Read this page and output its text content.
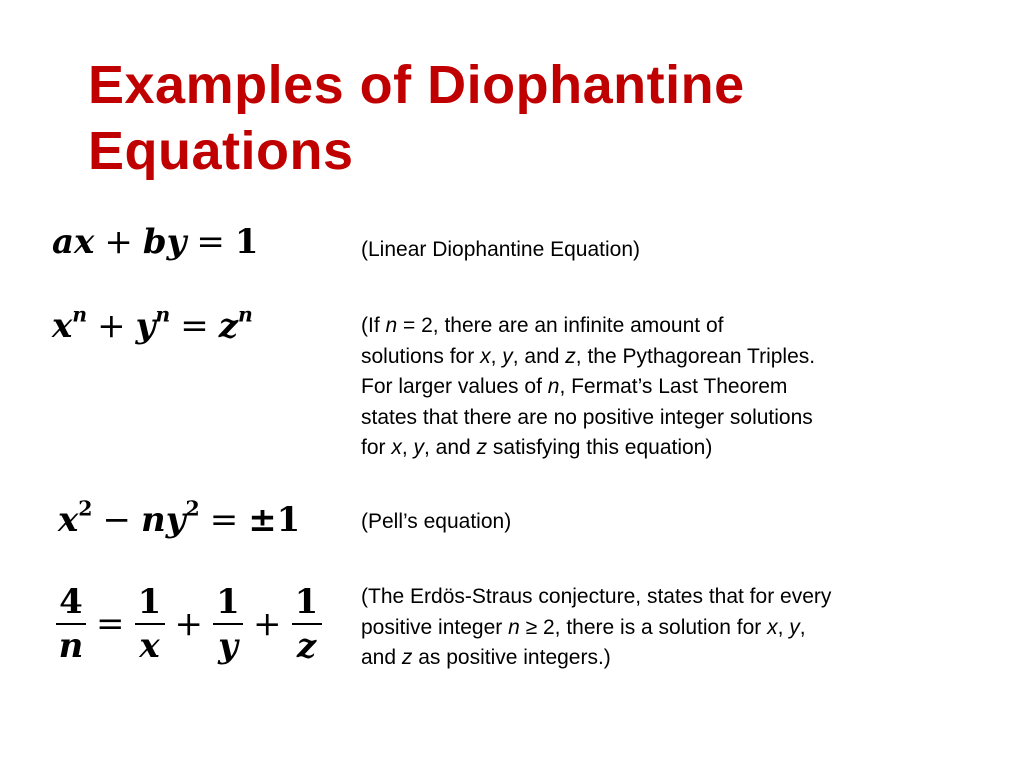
Examples of Diophantine
Equations
ax + by = 1
$x^n + y^n = z^n$
$x^2 - ny^2 = \pm 1$
$\frac{4}{n} = \frac{1}{x} + \frac{1}{y} + \frac{1}{z}$
(Linear Diophantine Equation)
(If n = 2, there are an infinite amount of
solutions for x, y, and z, the Pythagorean Triples.
For larger values of n, Fermat’s Last Theorem
states that there are no positive integer solutions
for x, y, and z satisfying this equation)
(Pell’s equation)
(The Erdös-Straus conjecture, states that for every
positive integer n ≥ 2, there is a solution for x, y,
and z as positive integers.)
